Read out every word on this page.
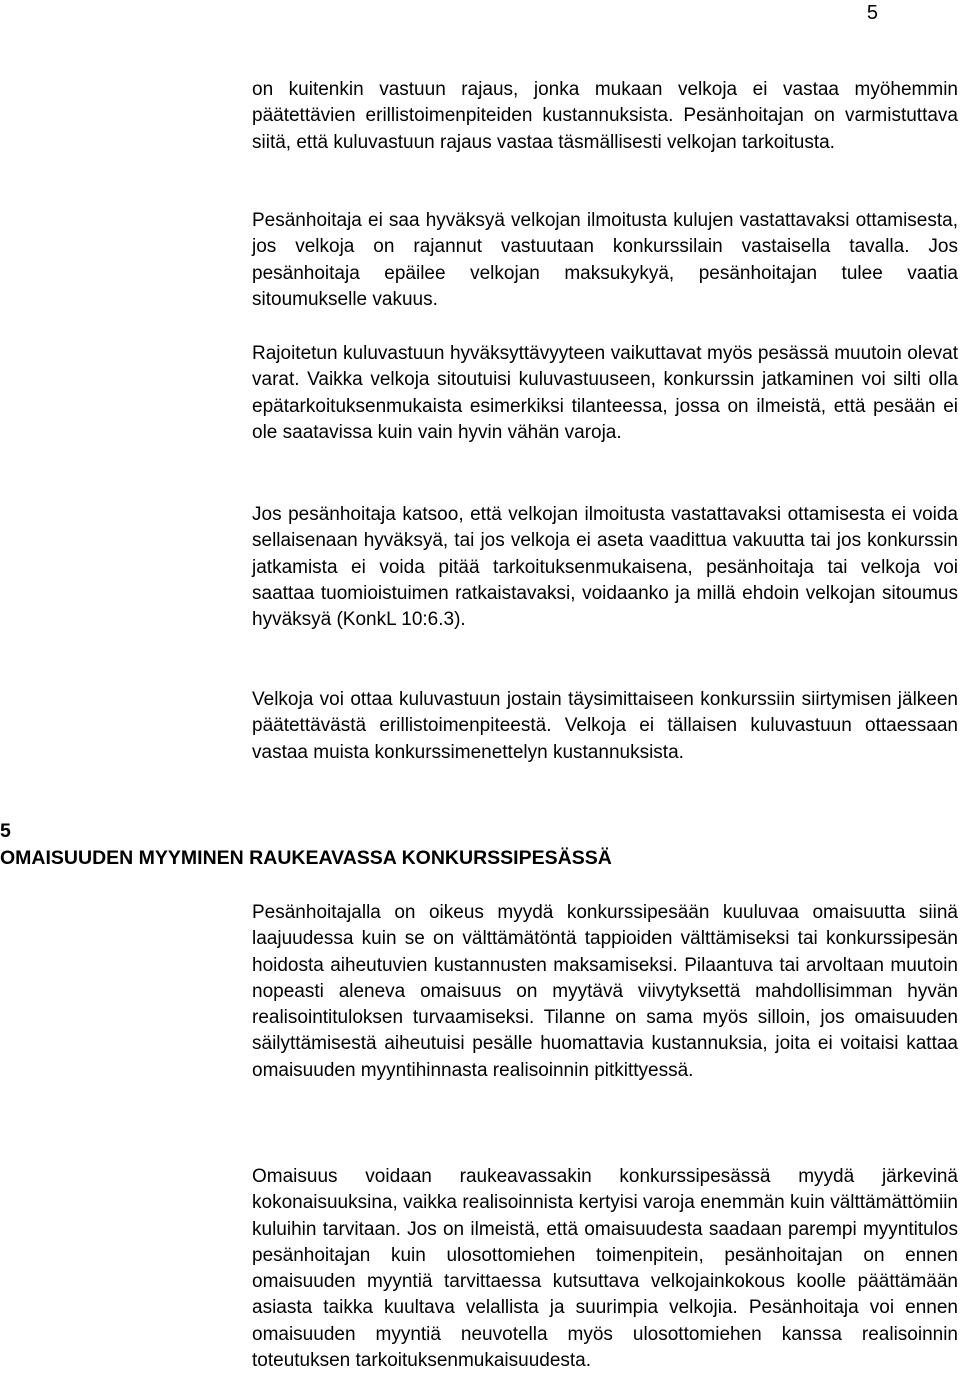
5

on kuitenkin vastuun rajaus, jonka mukaan velkoja ei vastaa myöhemmin päätettävien erillistoimenpiteiden kustannuksista. Pesänhoitajan on varmistuttava siitä, että kuluvastuun rajaus vastaa täsmällisesti velkojan tarkoitusta.

Pesänhoitaja ei saa hyväksyä velkojan ilmoitusta kulujen vastattavaksi ottamisesta, jos velkoja on rajannut vastuutaan konkurssilain vastaisella tavalla. Jos pesänhoitaja epäilee velkojan maksukykyä, pesänhoitajan tulee vaatia sitoumukselle vakuus.

Rajoitetun kuluvastuun hyväksyttävyyteen vaikuttavat myös pesässä muutoin olevat varat. Vaikka velkoja sitoutuisi kuluvastuuseen, konkurssin jatkaminen voi silti olla epätarkoituksenmukaista esimerkiksi tilanteessa, jossa on ilmeistä, että pesään ei ole saatavissa kuin vain hyvin vähän varoja.

Jos pesänhoitaja katsoo, että velkojan ilmoitusta vastattavaksi ottamisesta ei voida sellaisenaan hyväksyä, tai jos velkoja ei aseta vaadittua vakuutta tai jos konkurssin jatkamista ei voida pitää tarkoituksenmukaisena, pesänhoitaja tai velkoja voi saattaa tuomioistuimen ratkaistavaksi, voidaanko ja millä ehdoin velkojan sitoumus hyväksyä (KonkL 10:6.3).

Velkoja voi ottaa kuluvastuun jostain täysimittaiseen konkurssiin siirtymisen jälkeen päätettävästä erillistoimenpiteestä. Velkoja ei tällaisen kuluvastuun ottaessaan vastaa muista konkurssimenettelyn kustannuksista.

5
OMAISUUDEN MYYMINEN RAUKEAVASSA KONKURSSIPESÄSSÄ

Pesänhoitajalla on oikeus myydä konkurssipesään kuuluvaa omaisuutta siinä laajuudessa kuin se on välttämätöntä tappioiden välttämiseksi tai konkurssipesän hoidosta aiheutuvien kustannusten maksamiseksi. Pilaantuva tai arvoltaan muutoin nopeasti aleneva omaisuus on myytävä viivytyksettä mahdollisimman hyvän realisointituloksen turvaamiseksi. Tilanne on sama myös silloin, jos omaisuuden säilyttämisestä aiheutuisi pesälle huomattavia kustannuksia, joita ei voitaisi kattaa omaisuuden myyntihinnasta realisoinnin pitkittyessä.

Omaisuus voidaan raukeavassakin konkurssipesässä myydä järkevinä kokonaisuuksina, vaikka realisoinnista kertyisi varoja enemmän kuin välttämättömiin kuluihin tarvitaan. Jos on ilmeistä, että omaisuudesta saadaan parempi myyntitulos pesänhoitajan kuin ulosottomiehen toimenpitein, pesänhoitajan on ennen omaisuuden myyntiä tarvittaessa kutsuttava velkojainkokous koolle päättämään asiasta taikka kuultava velallista ja suurimpia velkojia. Pesänhoitaja voi ennen omaisuuden myyntiä neuvotella myös ulosottomiehen kanssa realisoinnin toteutuksen tarkoituksenmukaisuudesta.
